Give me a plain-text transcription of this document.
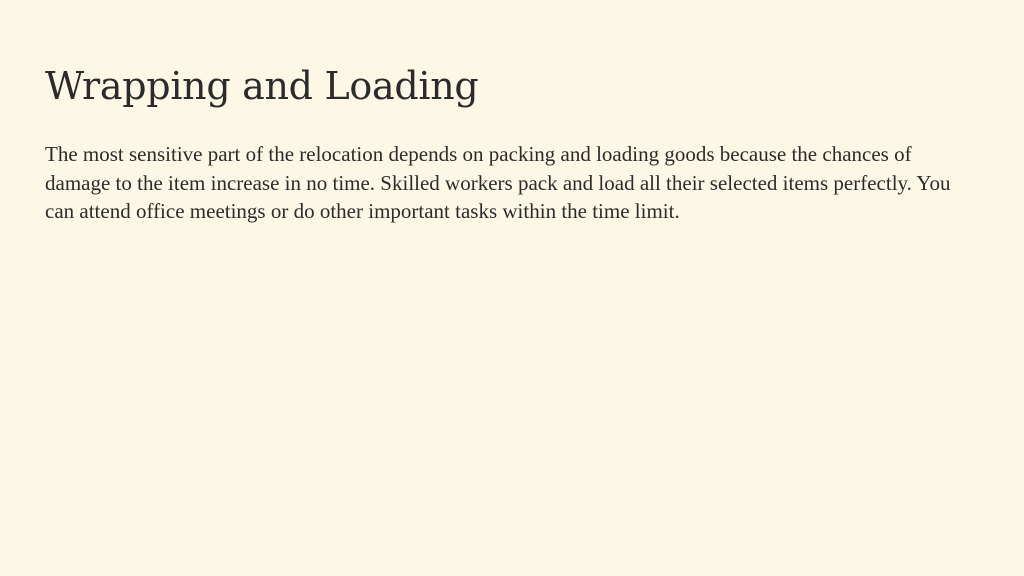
Wrapping and Loading

The most sensitive part of the relocation depends on packing and loading goods because the chances of damage to the item increase in no time. Skilled workers pack and load all their selected items perfectly. You can attend office meetings or do other important tasks within the time limit.
